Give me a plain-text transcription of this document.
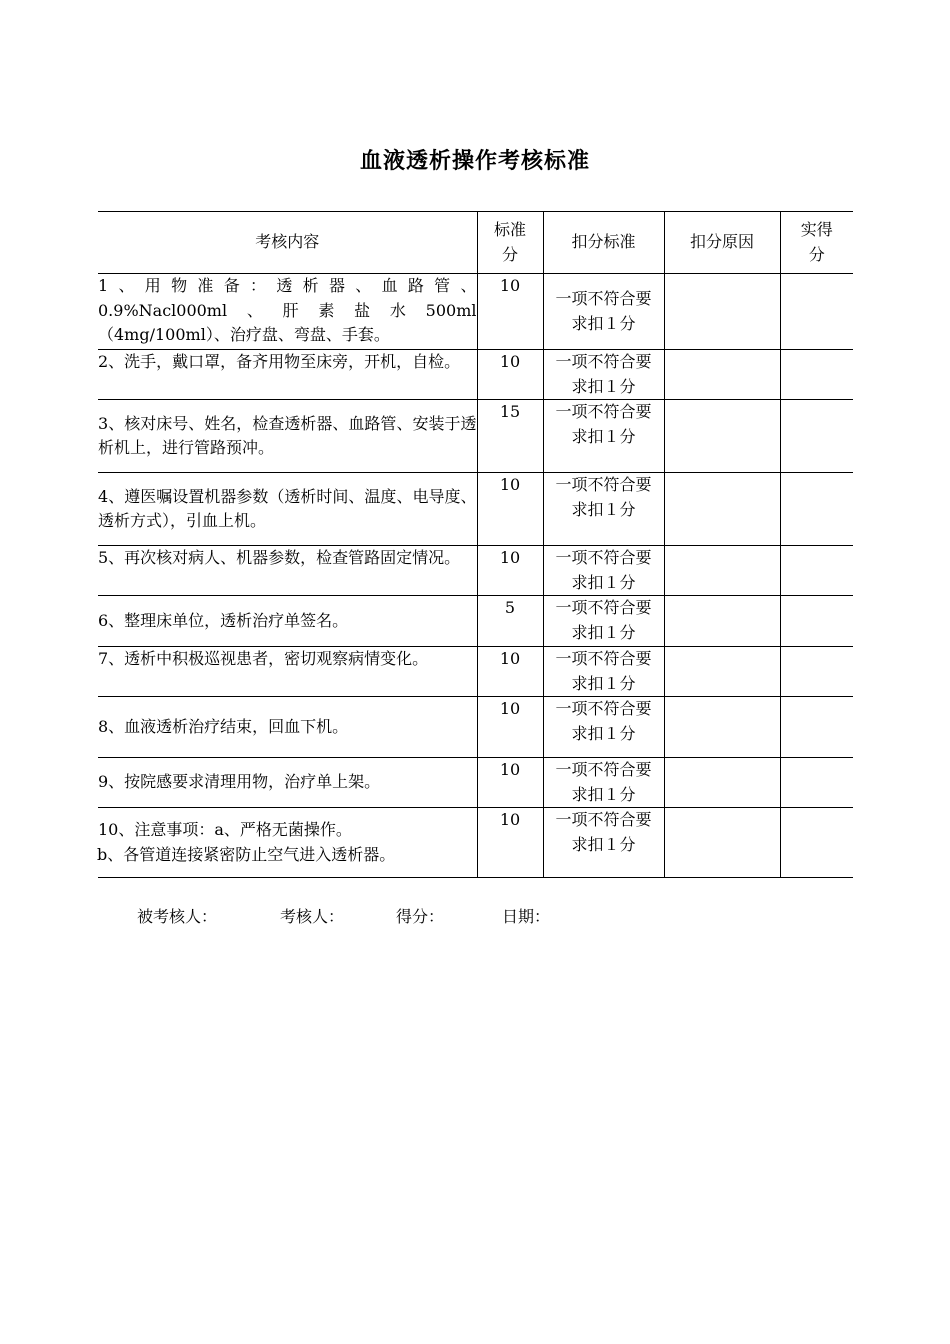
血液透析操作考核标准
考核内容	标准分	扣分标准	扣分原因	实得分

1、用物准备：透析器、血路管、0.9%Nacl000ml、肝素盐水500ml（4mg/100ml）、治疗盘、弯盘、手套。	10	一项不符合要求扣１分		

2、洗手，戴口罩，备齐用物至床旁，开机，自检。	10	一项不符合要求扣１分		

3、核对床号、姓名，检查透析器、血路管、安装于透析机上，进行管路预冲。	15	一项不符合要求扣１分		

4、遵医嘱设置机器参数（透析时间、温度、电导度、透析方式），引血上机。	10	一项不符合要求扣１分		

5、再次核对病人、机器参数，检查管路固定情况。	10	一项不符合要求扣１分		

6、整理床单位，透析治疗单签名。	5	一项不符合要求扣１分		

7、透析中积极巡视患者，密切观察病情变化。	10	一项不符合要求扣１分		

8、血液透析治疗结束，回血下机。	10	一项不符合要求扣１分		

9、按院感要求清理用物，治疗单上架。	10	一项不符合要求扣１分		

10、注意事项：a、严格无菌操作。
b、各管道连接紧密防止空气进入透析器。	10	一项不符合要求扣１分		

被考核人：	考核人：	得分：	日期：
